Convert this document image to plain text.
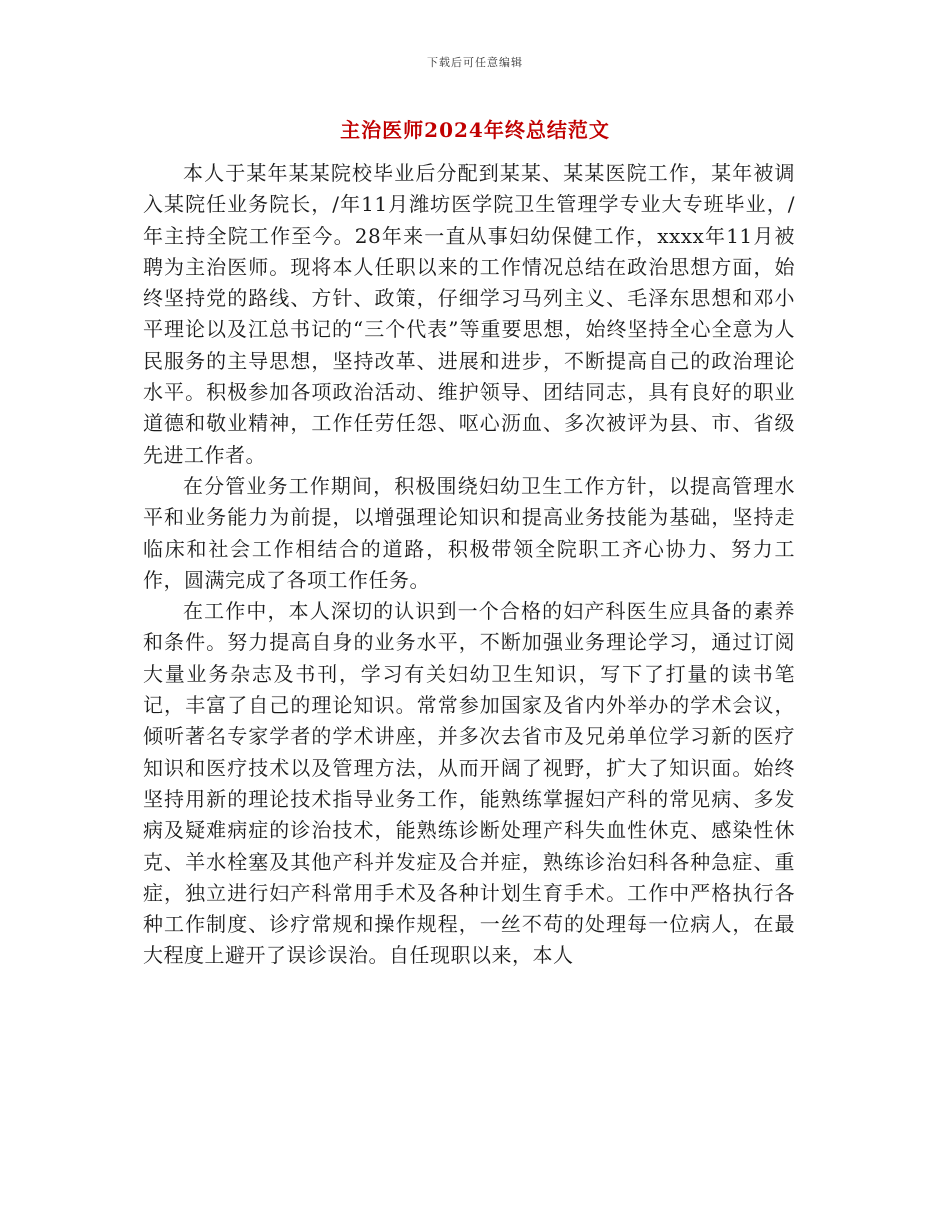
下载后可任意编辑
主治医师2024年终总结范文

本人于某年某某院校毕业后分配到某某、某某医院工作，某年被调入某院任业务院长，/年11月潍坊医学院卫生管理学专业大专班毕业，/年主持全院工作至今。28年来一直从事妇幼保健工作，xxxx年11月被聘为主治医师。现将本人任职以来的工作情况总结在政治思想方面，始终坚持党的路线、方针、政策，仔细学习马列主义、毛泽东思想和邓小平理论以及江总书记的“三个代表”等重要思想，始终坚持全心全意为人民服务的主导思想，坚持改革、进展和进步，不断提高自己的政治理论水平。积极参加各项政治活动、维护领导、团结同志，具有良好的职业道德和敬业精神，工作任劳任怨、呕心沥血、多次被评为县、市、省级先进工作者。

在分管业务工作期间，积极围绕妇幼卫生工作方针，以提高管理水平和业务能力为前提，以增强理论知识和提高业务技能为基础，坚持走临床和社会工作相结合的道路，积极带领全院职工齐心协力、努力工作，圆满完成了各项工作任务。

在工作中，本人深切的认识到一个合格的妇产科医生应具备的素养和条件。努力提高自身的业务水平，不断加强业务理论学习，通过订阅大量业务杂志及书刊，学习有关妇幼卫生知识，写下了打量的读书笔记，丰富了自己的理论知识。常常参加国家及省内外举办的学术会议，倾听著名专家学者的学术讲座，并多次去省市及兄弟单位学习新的医疗知识和医疗技术以及管理方法，从而开阔了视野，扩大了知识面。始终坚持用新的理论技术指导业务工作，能熟练掌握妇产科的常见病、多发病及疑难病症的诊治技术，能熟练诊断处理产科失血性休克、感染性休克、羊水栓塞及其他产科并发症及合并症，熟练诊治妇科各种急症、重症，独立进行妇产科常用手术及各种计划生育手术。工作中严格执行各种工作制度、诊疗常规和操作规程，一丝不苟的处理每一位病人，在最大程度上避开了误诊误治。自任现职以来，本人
